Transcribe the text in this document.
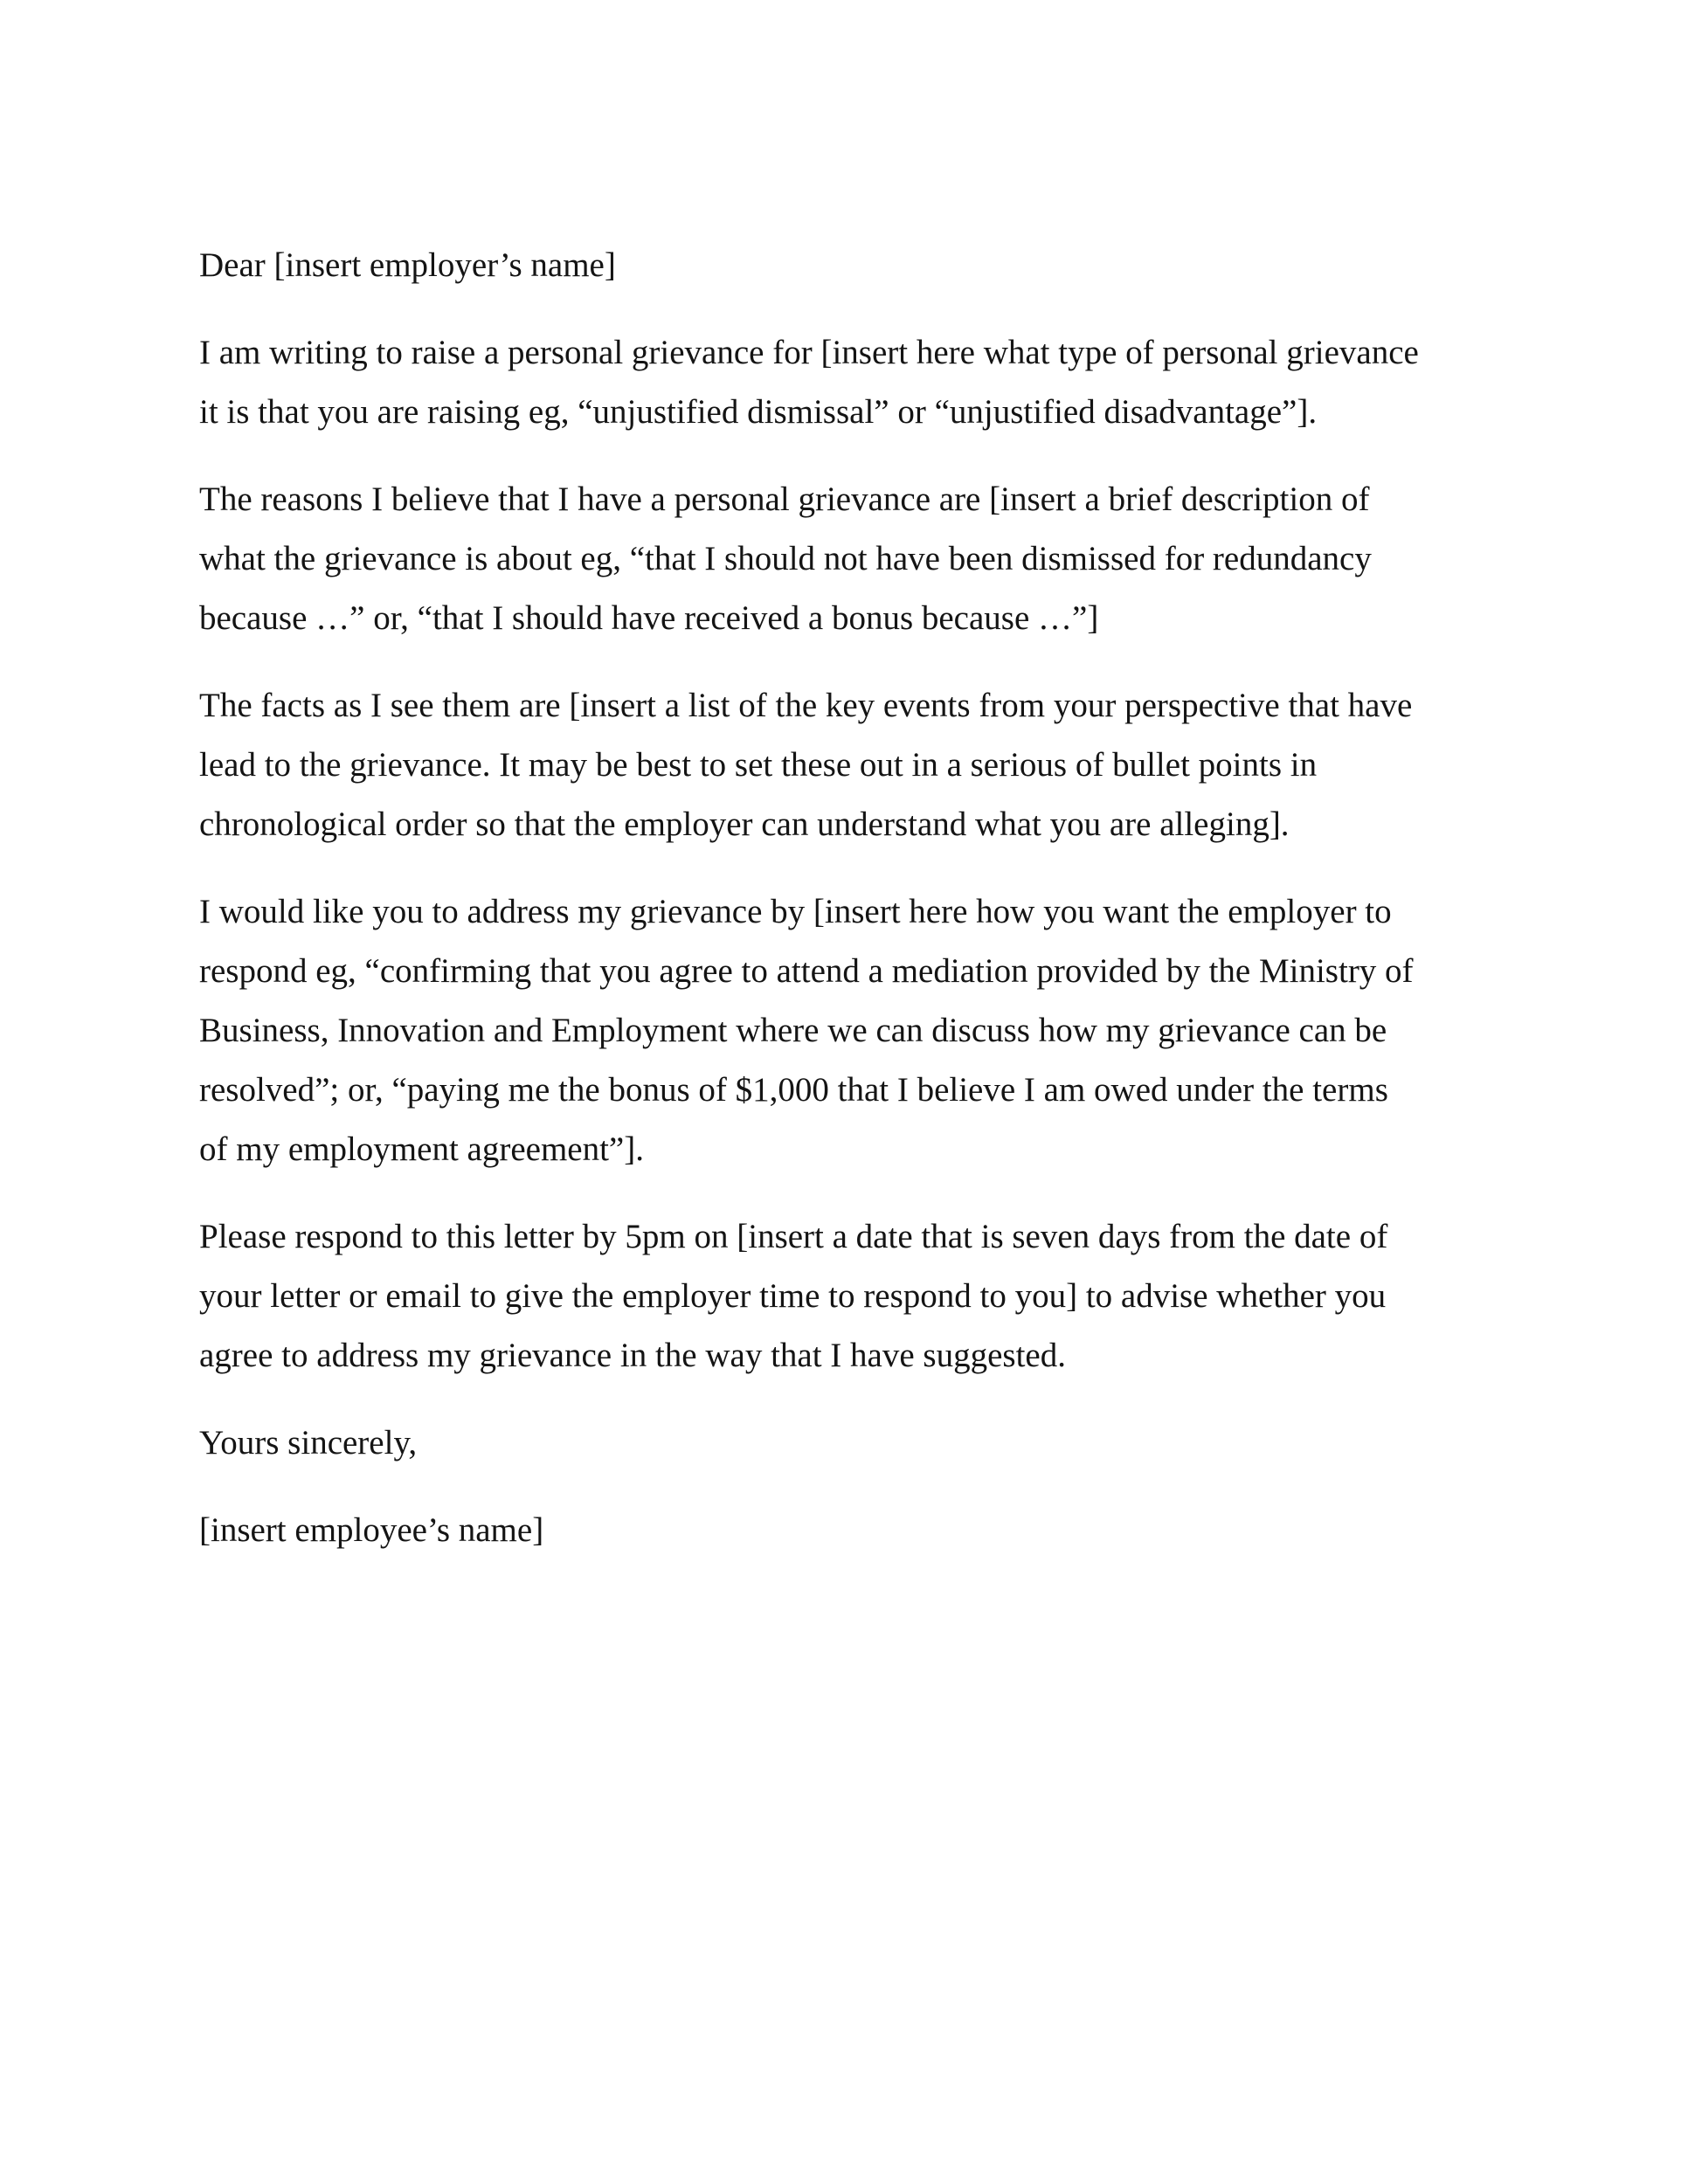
Dear [insert employer’s name]

I am writing to raise a personal grievance for [insert here what type of personal grievance
it is that you are raising eg, “unjustified dismissal” or “unjustified disadvantage”].

The reasons I believe that I have a personal grievance are [insert a brief description of
what the grievance is about eg, “that I should not have been dismissed for redundancy
because …” or, “that I should have received a bonus because …”]

The facts as I see them are [insert a list of the key events from your perspective that have
lead to the grievance. It may be best to set these out in a serious of bullet points in
chronological order so that the employer can understand what you are alleging].

I would like you to address my grievance by [insert here how you want the employer to
respond eg, “confirming that you agree to attend a mediation provided by the Ministry of
Business, Innovation and Employment where we can discuss how my grievance can be
resolved”; or, “paying me the bonus of $1,000 that I believe I am owed under the terms
of my employment agreement”].

Please respond to this letter by 5pm on [insert a date that is seven days from the date of
your letter or email to give the employer time to respond to you] to advise whether you
agree to address my grievance in the way that I have suggested.

Yours sincerely,

[insert employee’s name]
